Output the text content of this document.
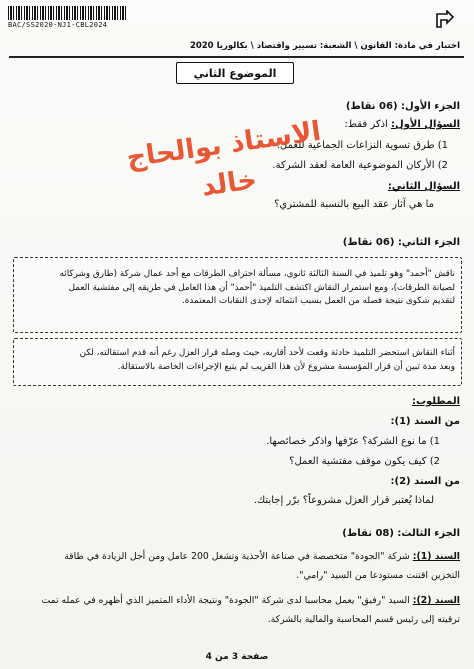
BAC/SS2020-NJ1-CBL2024
اختبار في مادة: القانون \ الشعبة: تسيير واقتصاد \ بكالوريا 2020
الموضوع الثاني
الجزء الأول: (06 نقاط)
السؤال الأول: اذكر فقط:
1) طرق تسوية النزاعات الجماعية للعمل.
2) الأركان الموضوعية العامة لعقد الشركة.
السؤال الثاني:
ما هي آثار عقد البيع بالنسبة للمشتري؟
الاستاذ بوالحاج
خالد
الجزء الثاني: (06 نقاط)
ناقش "أحمد" وهو تلميذ في السنة الثالثة ثانوي، مسألة احتراف الطرقات مع أحد عمال شركة (طارق وشركائه
لصيانة الطرقات)، ومع استمرار النقاش اكتشف التلميذ "أحمد" أن هذا العامل في طريقه إلى مفتشية العمل
لتقديم شكوى نتيجة فصله من العمل بسبب انتمائه لإحدى النقابات المعتمدة.
أثناء النقاش استحضر التلميذ حادثة وقعت لأحد أقاربه، حيث وصله قرار العزل رغم أنه قدم استقالته، لكن
وبعد مدة تبين أن قرار المؤسسة مشروع لأن هذا القريب لم يتبع الإجراءات الخاصة بالاستقالة.
المطلوب:
من السند (1):
1) ما نوع الشركة؟ عرّفها واذكر خصائصها.
2) كيف يكون موقف مفتشية العمل؟
من السند (2):
لماذا يُعتبر قرار العزل مشروعاً؟ برّر إجابتك.
الجزء الثالث: (08 نقاط)
السند (1): شركة "الجودة" متخصصة في صناعة الأحذية وتشغل 200 عامل ومن أجل الزيادة في طاقة
التخزين اقتنت مستودعا من السيد "رامي".
السند (2): السيد "رفيق" يعمل محاسبا لدى شركة "الجودة" ونتيجة الأداء المتميز الذي أظهره في عمله تمت
ترقيته إلى رئيس قسم المحاسبة والمالية بالشركة.
صفحة 3 من 4
